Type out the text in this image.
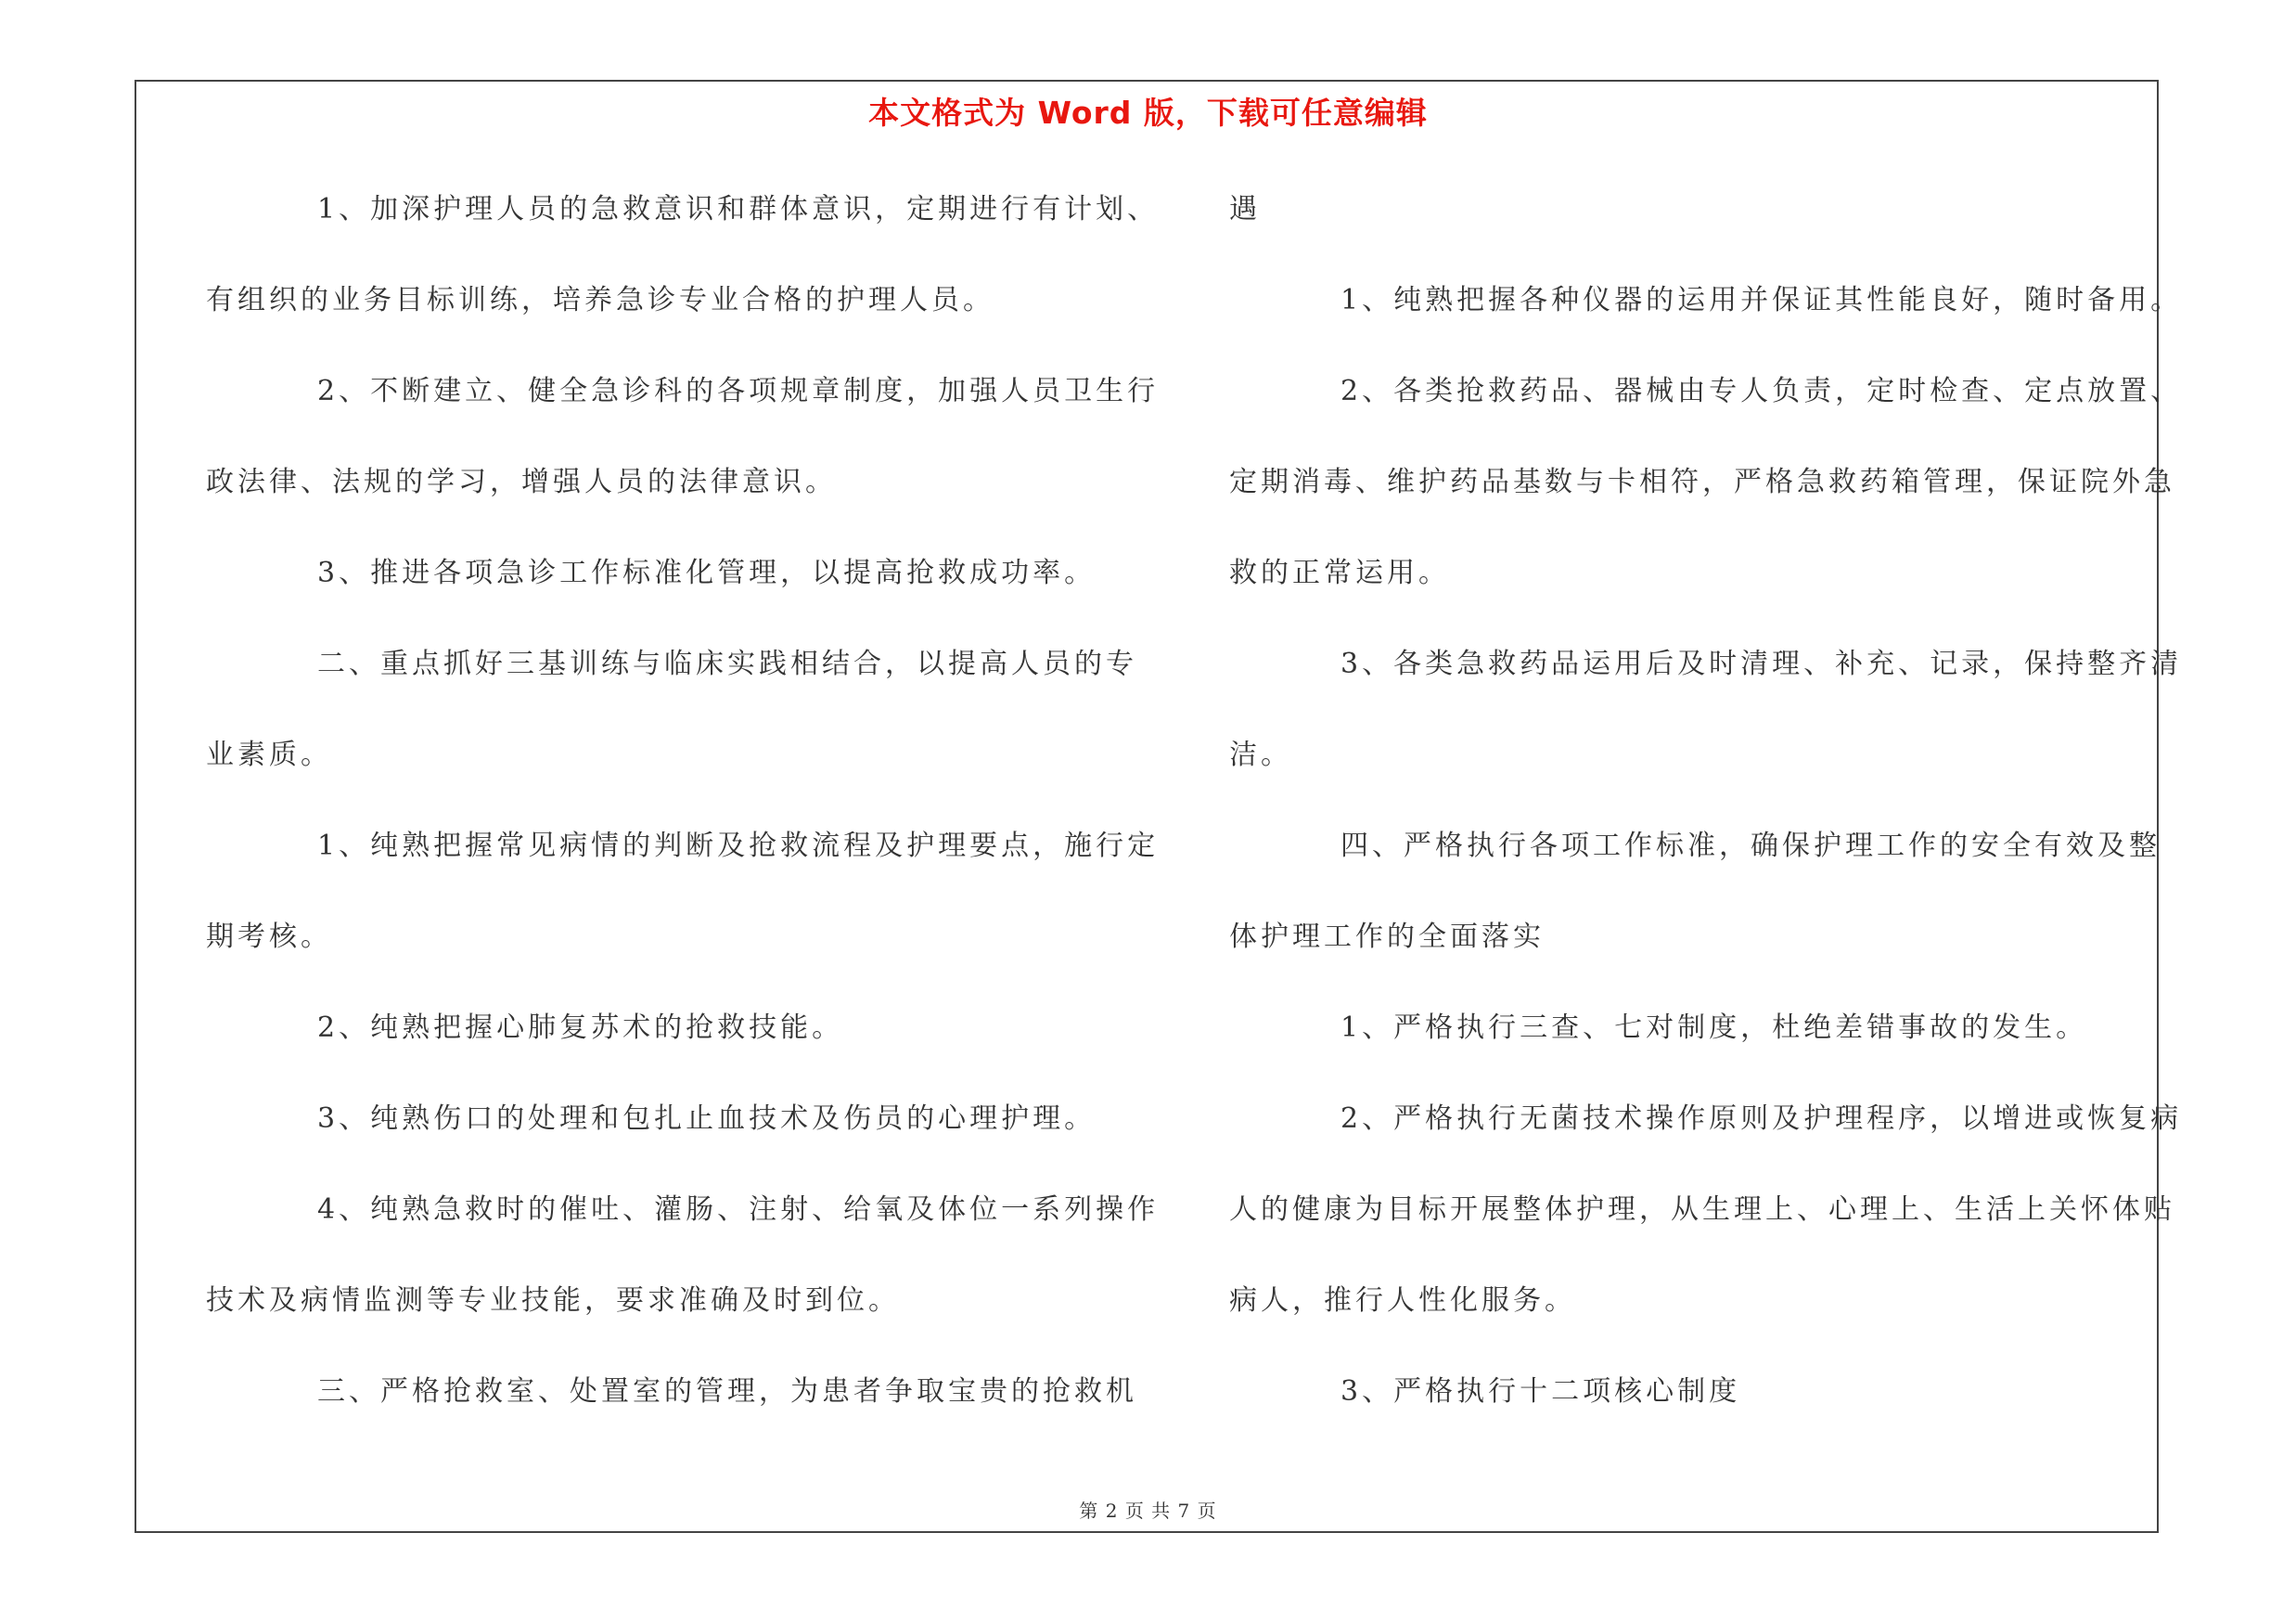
本文格式为 Word 版，下载可任意编辑
1、加深护理人员的急救意识和群体意识，定期进行有计划、
有组织的业务目标训练，培养急诊专业合格的护理人员。
2、不断建立、健全急诊科的各项规章制度，加强人员卫生行
政法律、法规的学习，增强人员的法律意识。
3、推进各项急诊工作标准化管理，以提高抢救成功率。
二、重点抓好三基训练与临床实践相结合，以提高人员的专
业素质。
1、纯熟把握常见病情的判断及抢救流程及护理要点，施行定
期考核。
2、纯熟把握心肺复苏术的抢救技能。
3、纯熟伤口的处理和包扎止血技术及伤员的心理护理。
4、纯熟急救时的催吐、灌肠、注射、给氧及体位一系列操作
技术及病情监测等专业技能，要求准确及时到位。
三、严格抢救室、处置室的管理，为患者争取宝贵的抢救机
遇
1、纯熟把握各种仪器的运用并保证其性能良好，随时备用。
2、各类抢救药品、器械由专人负责，定时检查、定点放置、
定期消毒、维护药品基数与卡相符，严格急救药箱管理，保证院外急
救的正常运用。
3、各类急救药品运用后及时清理、补充、记录，保持整齐清
洁。
四、严格执行各项工作标准，确保护理工作的安全有效及整
体护理工作的全面落实
1、严格执行三查、七对制度，杜绝差错事故的发生。
2、严格执行无菌技术操作原则及护理程序，以增进或恢复病
人的健康为目标开展整体护理，从生理上、心理上、生活上关怀体贴
病人，推行人性化服务。
3、严格执行十二项核心制度
第 2 页 共 7 页
